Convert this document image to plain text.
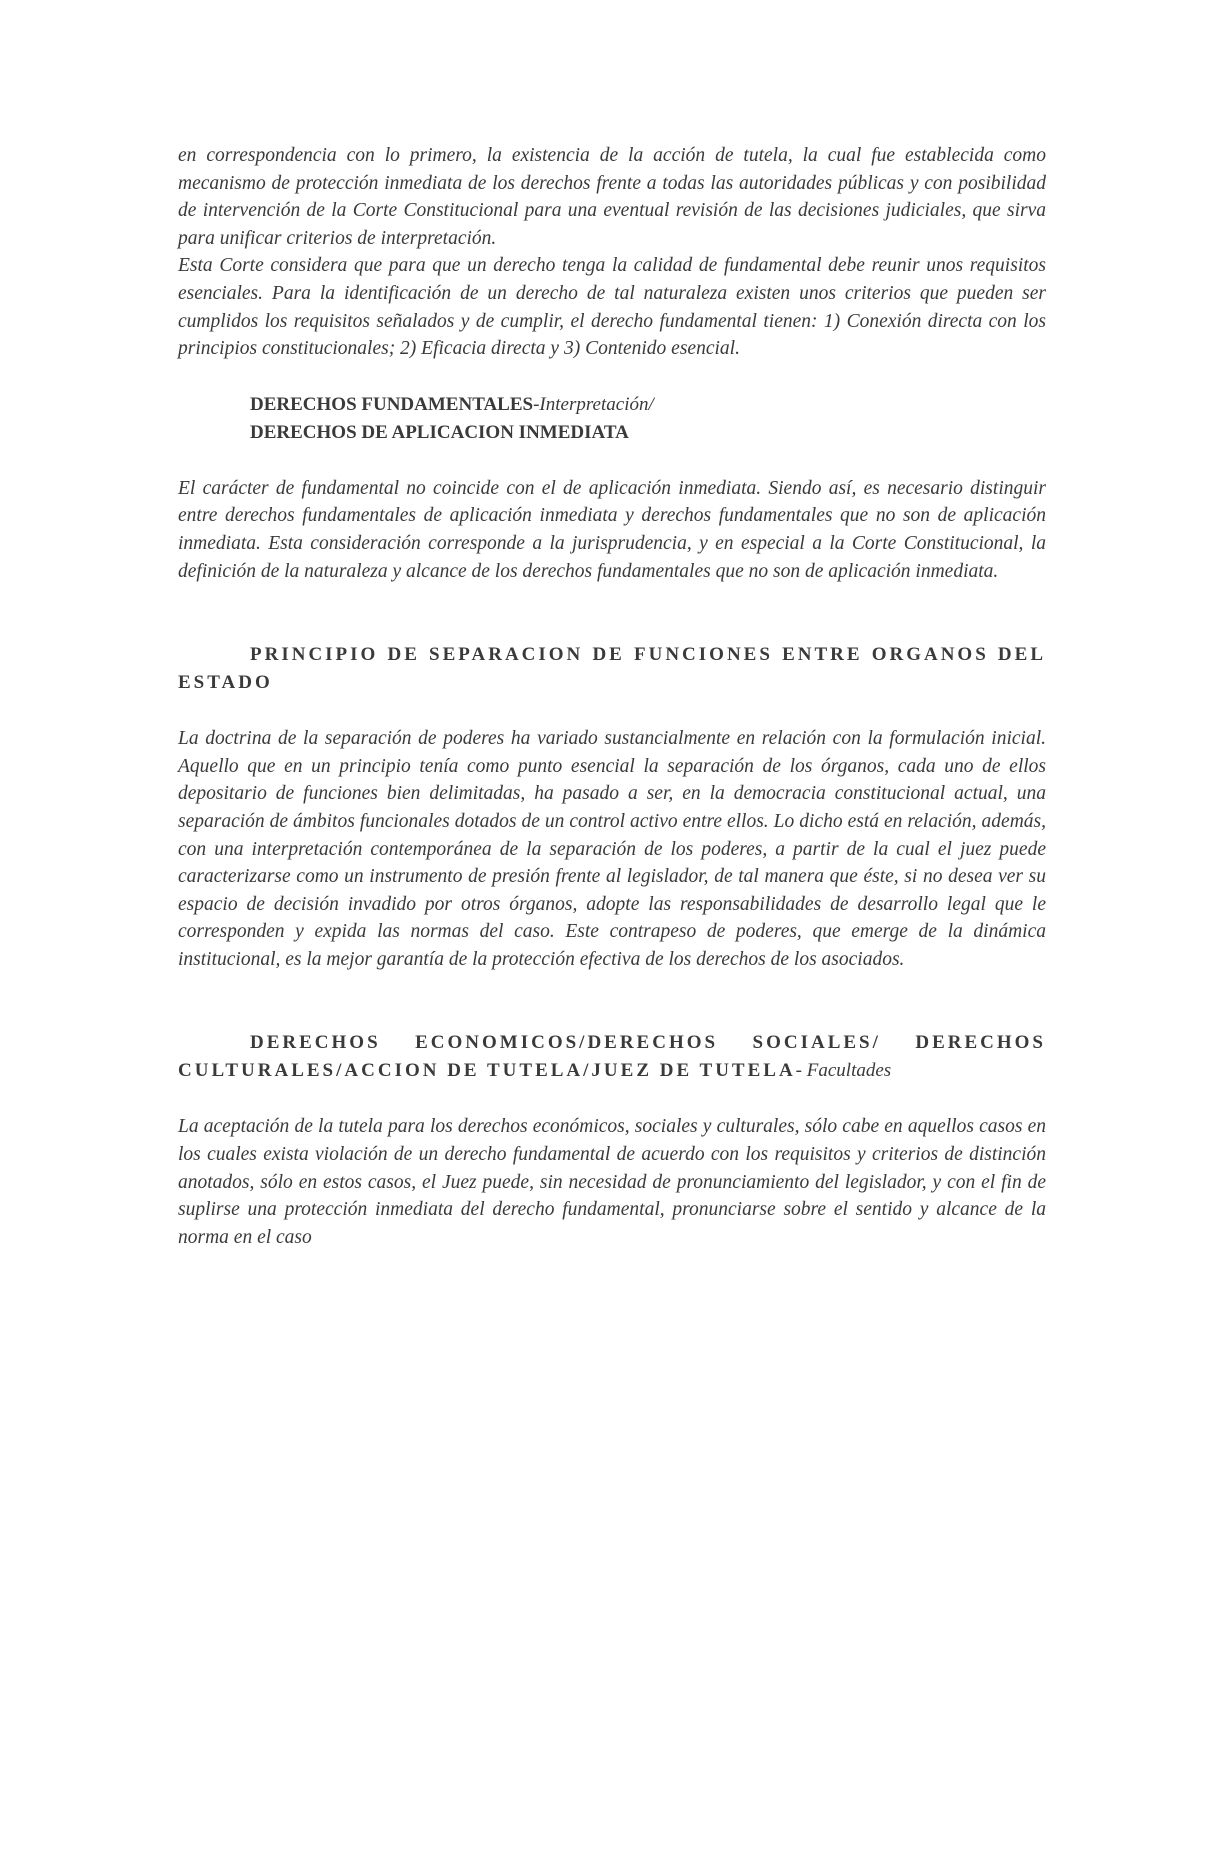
en correspondencia con lo primero, la existencia de la acción de tutela, la cual fue establecida como mecanismo de protección inmediata de los derechos frente a todas las autoridades públicas y con posibilidad de intervención de la Corte Constitucional para una eventual revisión de las decisiones judiciales, que sirva para unificar criterios de interpretación.

Esta Corte considera que para que un derecho tenga la calidad de fundamental debe reunir unos requisitos esenciales. Para la identificación de un derecho de tal naturaleza existen unos criterios que pueden ser cumplidos los requisitos señalados y de cumplir, el derecho fundamental tienen: 1) Conexión directa con los principios constitucionales; 2) Eficacia directa y 3) Contenido esencial.

DERECHOS FUNDAMENTALES-Interpretación/

DERECHOS DE APLICACION INMEDIATA

El carácter de fundamental no coincide con el de aplicación inmediata. Siendo así, es necesario distinguir entre derechos fundamentales de aplicación inmediata y derechos fundamentales que no son de aplicación inmediata. Esta consideración corresponde a la jurisprudencia, y en especial a la Corte Constitucional, la definición de la naturaleza y alcance de los derechos fundamentales que no son de aplicación inmediata.

PRINCIPIO DE SEPARACION DE FUNCIONES ENTRE ORGANOS DEL ESTADO

La doctrina de la separación de poderes ha variado sustancialmente en relación con la formulación inicial. Aquello que en un principio tenía como punto esencial la separación de los órganos, cada uno de ellos depositario de funciones bien delimitadas, ha pasado a ser, en la democracia constitucional actual, una separación de ámbitos funcionales dotados de un control activo entre ellos. Lo dicho está en relación, además, con una interpretación contemporánea de la separación de los poderes, a partir de la cual el juez puede caracterizarse como un instrumento de presión frente al legislador, de tal manera que éste, si no desea ver su espacio de decisión invadido por otros órganos, adopte las responsabilidades de desarrollo legal que le corresponden y expida las normas del caso. Este contrapeso de poderes, que emerge de la dinámica institucional, es la mejor garantía de la protección efectiva de los derechos de los asociados.

DERECHOS ECONOMICOS/DERECHOS SOCIALES/ DERECHOS CULTURALES/ACCION DE TUTELA/JUEZ DE TUTELA- Facultades

La aceptación de la tutela para los derechos económicos, sociales y culturales, sólo cabe en aquellos casos en los cuales exista violación de un derecho fundamental de acuerdo con los requisitos y criterios de distinción anotados, sólo en estos casos, el Juez puede, sin necesidad de pronunciamiento del legislador, y con el fin de suplirse una protección inmediata del derecho fundamental, pronunciarse sobre el sentido y alcance de la norma en el caso
